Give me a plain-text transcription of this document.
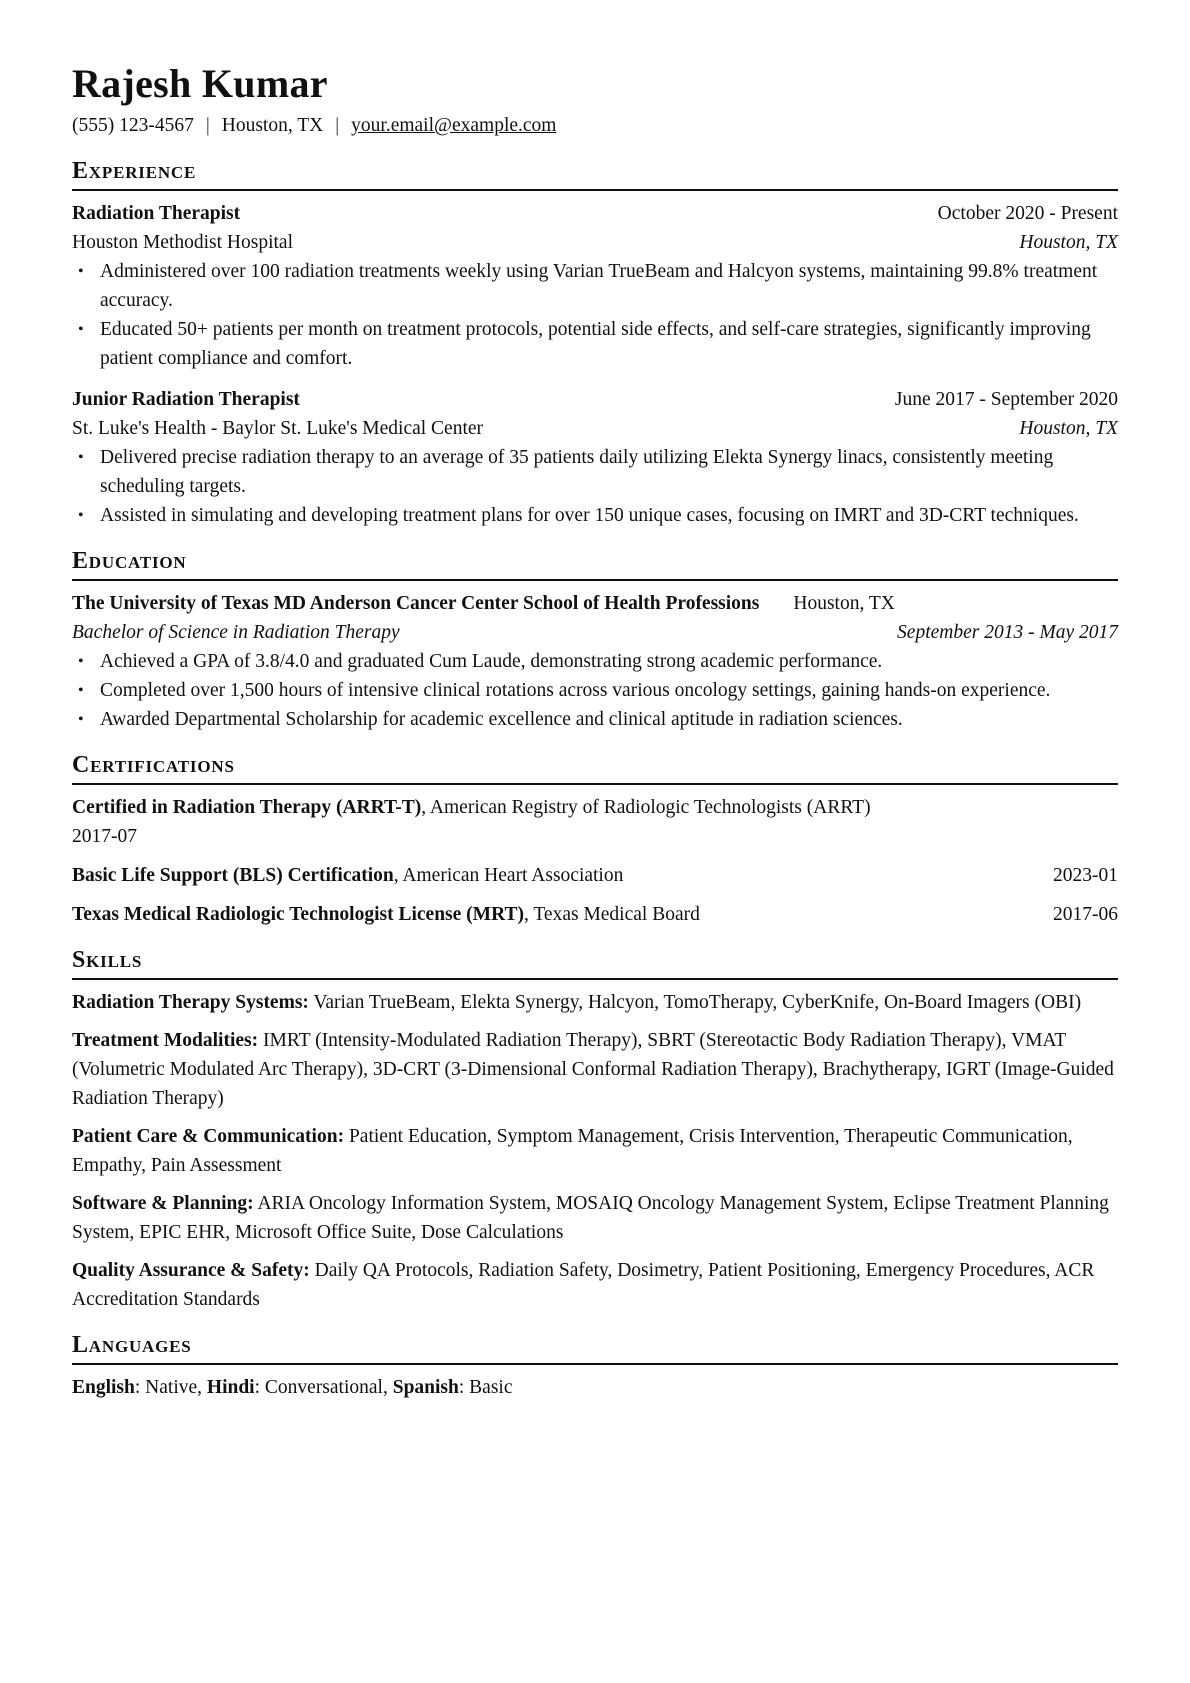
Rajesh Kumar
(555) 123-4567 | Houston, TX | your.email@example.com
Experience
Radiation Therapist	October 2020 - Present
Houston Methodist Hospital	Houston, TX
• Administered over 100 radiation treatments weekly using Varian TrueBeam and Halcyon systems, maintaining 99.8% treatment accuracy.
• Educated 50+ patients per month on treatment protocols, potential side effects, and self-care strategies, significantly improving patient compliance and comfort.
Junior Radiation Therapist	June 2017 - September 2020
St. Luke's Health - Baylor St. Luke's Medical Center	Houston, TX
• Delivered precise radiation therapy to an average of 35 patients daily utilizing Elekta Synergy linacs, consistently meeting scheduling targets.
• Assisted in simulating and developing treatment plans for over 150 unique cases, focusing on IMRT and 3D-CRT techniques.
Education
The University of Texas MD Anderson Cancer Center School of Health Professions Houston, TX
Bachelor of Science in Radiation Therapy	September 2013 - May 2017
• Achieved a GPA of 3.8/4.0 and graduated Cum Laude, demonstrating strong academic performance.
• Completed over 1,500 hours of intensive clinical rotations across various oncology settings, gaining hands-on experience.
• Awarded Departmental Scholarship for academic excellence and clinical aptitude in radiation sciences.
Certifications
Certified in Radiation Therapy (ARRT-T), American Registry of Radiologic Technologists (ARRT)
2017-07
Basic Life Support (BLS) Certification, American Heart Association	2023-01
Texas Medical Radiologic Technologist License (MRT), Texas Medical Board	2017-06
Skills
Radiation Therapy Systems: Varian TrueBeam, Elekta Synergy, Halcyon, TomoTherapy, CyberKnife, On-Board Imagers (OBI)
Treatment Modalities: IMRT (Intensity-Modulated Radiation Therapy), SBRT (Stereotactic Body Radiation Therapy), VMAT (Volumetric Modulated Arc Therapy), 3D-CRT (3-Dimensional Conformal Radiation Therapy), Brachytherapy, IGRT (Image-Guided Radiation Therapy)
Patient Care & Communication: Patient Education, Symptom Management, Crisis Intervention, Therapeutic Communication, Empathy, Pain Assessment
Software & Planning: ARIA Oncology Information System, MOSAIQ Oncology Management System, Eclipse Treatment Planning System, EPIC EHR, Microsoft Office Suite, Dose Calculations
Quality Assurance & Safety: Daily QA Protocols, Radiation Safety, Dosimetry, Patient Positioning, Emergency Procedures, ACR Accreditation Standards
Languages
English: Native, Hindi: Conversational, Spanish: Basic
